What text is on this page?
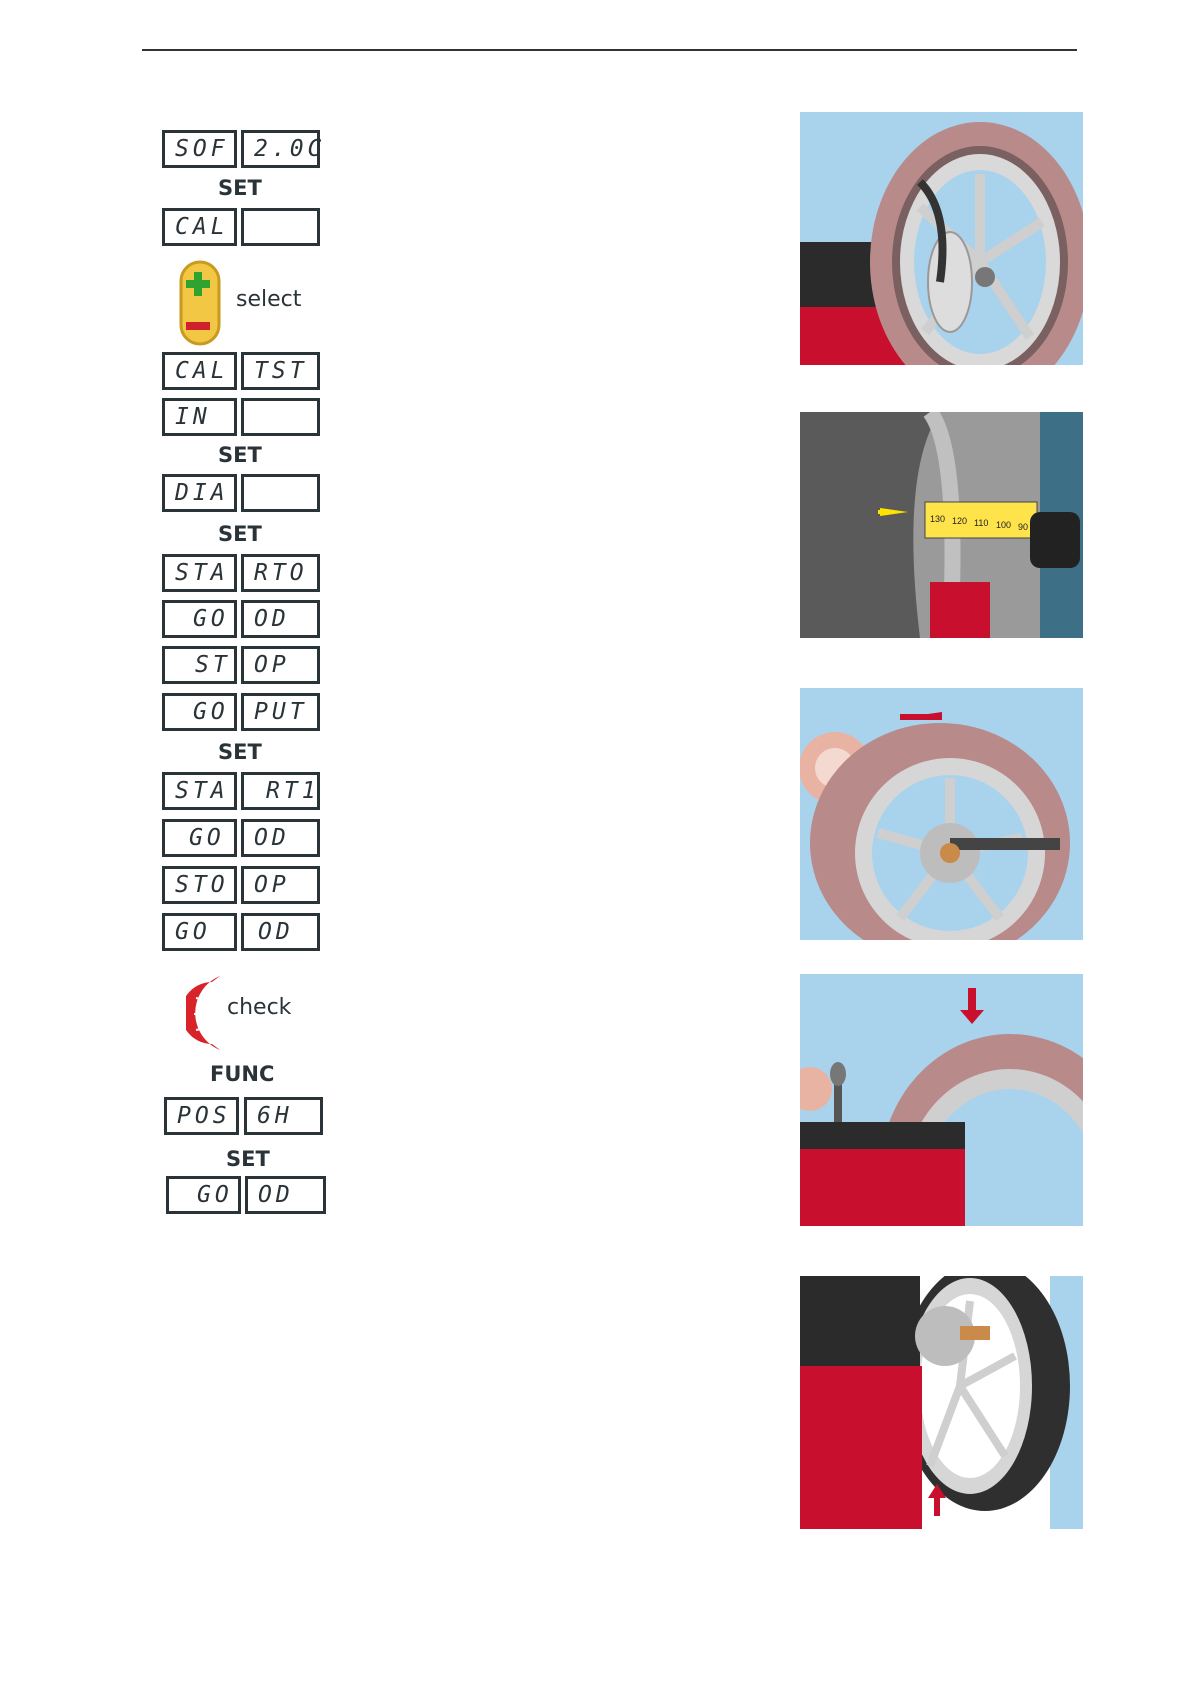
SOF	2.0C
SET
CAL
select
CAL	TST
IN
SET
DIA
SET
STA	RTO
GO	OD
ST	OP
GO	PUT
SET
STA	RT1
GO	OD
STO	OP
GO	OD
check
FUNC
POS	6H
SET
GO	OD
130 120 110 100 90
